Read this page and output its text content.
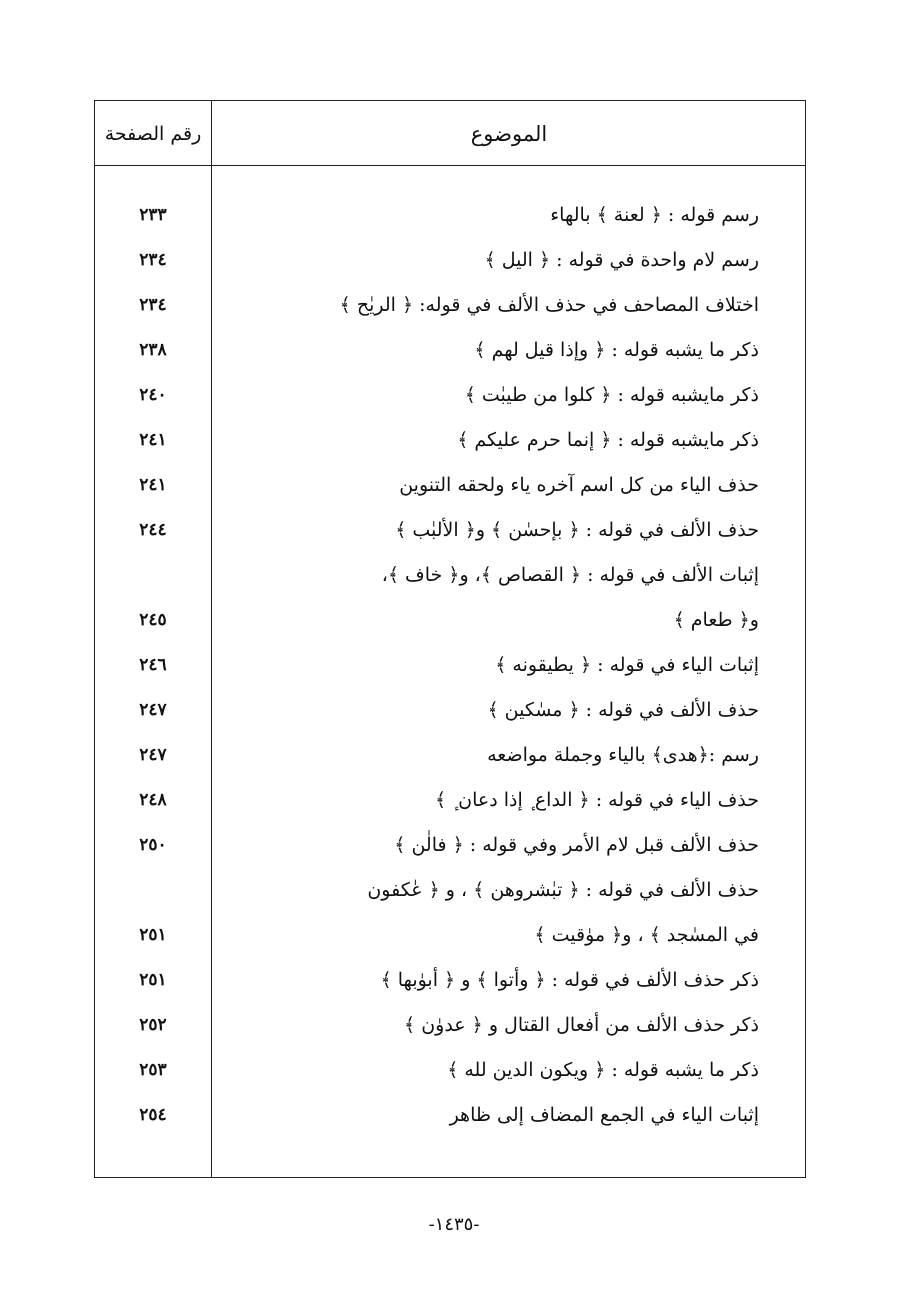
الموضوع
رقم الصفحة
رسم قوله : ﴿ لعنة ﴾ بالهاء
٢٣٣
رسم لام واحدة في قوله : ﴿ اليل ﴾
٢٣٤
اختلاف المصاحف في حذف الألف في قوله: ﴿ الريٰح ﴾
٢٣٤
ذكر ما يشبه قوله : ﴿ وإذا قيل لهم ﴾
٢٣٨
ذكر مايشبه قوله : ﴿ كلوا من طيبٰت ﴾
٢٤٠
ذكر مايشبه قوله : ﴿ إنما حرم عليكم ﴾
٢٤١
حذف الياء من كل اسم آخره ياء ولحقه التنوين
٢٤١
حذف الألف في قوله : ﴿ بإحسٰن ﴾ و﴿ الألبٰب ﴾
٢٤٤
إثبات الألف في قوله : ﴿ القصاص ﴾، و﴿ خاف ﴾،
و﴿ طعام ﴾
٢٤٥
إثبات الياء في قوله : ﴿ يطيقونه ﴾
٢٤٦
حذف الألف في قوله : ﴿ مسٰكين ﴾
٢٤٧
رسم :﴿هدى﴾ بالياء وجملة مواضعه
٢٤٧
حذف الياء في قوله : ﴿ الداع ٕ إذا دعان ٕ ﴾
٢٤٨
حذف الألف قبل لام الأمر وفي قوله : ﴿ فالٰن ﴾
٢٥٠
حذف الألف في قوله : ﴿ تبٰشروهن ﴾ ، و ﴿ عٰكفون
في المسٰجد ﴾ ، و﴿ موٰقيت ﴾
٢٥١
ذكر حذف الألف في قوله : ﴿ وأتوا ﴾ و ﴿ أبوٰبها ﴾
٢٥١
ذكر حذف الألف من أفعال القتال و ﴿ عدوٰن ﴾
٢٥٢
ذكر ما يشبه قوله : ﴿ ويكون الدين لله ﴾
٢٥٣
إثبات الياء في الجمع المضاف إلى ظاهر
٢٥٤
-١٤٣٥-
